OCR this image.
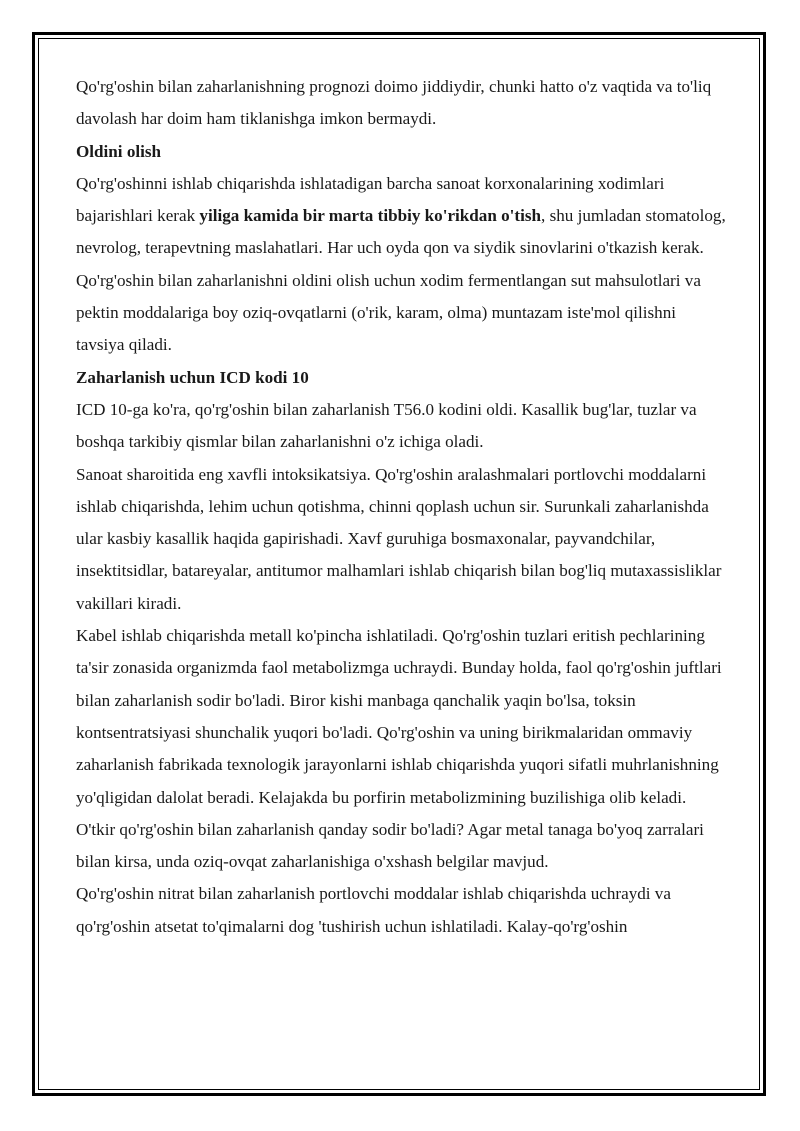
Qo'rg'oshin bilan zaharlanishning prognozi doimo jiddiydir, chunki hatto o'z vaqtida va to'liq davolash har doim ham tiklanishga imkon bermaydi.

Oldini olish

Qo'rg'oshinni ishlab chiqarishda ishlatadigan barcha sanoat korxonalarining xodimlari bajarishlari kerak yiliga kamida bir marta tibbiy ko'rikdan o'tish, shu jumladan stomatolog, nevrolog, terapevtning maslahatlari. Har uch oyda qon va siydik sinovlarini o'tkazish kerak.

Qo'rg'oshin bilan zaharlanishni oldini olish uchun xodim fermentlangan sut mahsulotlari va pektin moddalariga boy oziq-ovqatlarni (o'rik, karam, olma) muntazam iste'mol qilishni tavsiya qiladi.

Zaharlanish uchun ICD kodi 10

ICD 10-ga ko'ra, qo'rg'oshin bilan zaharlanish T56.0 kodini oldi. Kasallik bug'lar, tuzlar va boshqa tarkibiy qismlar bilan zaharlanishni o'z ichiga oladi.

Sanoat sharoitida eng xavfli intoksikatsiya. Qo'rg'oshin aralashmalari portlovchi moddalarni ishlab chiqarishda, lehim uchun qotishma, chinni qoplash uchun sir. Surunkali zaharlanishda ular kasbiy kasallik haqida gapirishadi. Xavf guruhiga bosmaxonalar, payvandchilar, insektitsidlar, batareyalar, antitumor malhamlari ishlab chiqarish bilan bog'liq mutaxassisliklar vakillari kiradi.

Kabel ishlab chiqarishda metall ko'pincha ishlatiladi. Qo'rg'oshin tuzlari eritish pechlarining ta'sir zonasida organizmda faol metabolizmga uchraydi. Bunday holda, faol qo'rg'oshin juftlari bilan zaharlanish sodir bo'ladi. Biror kishi manbaga qanchalik yaqin bo'lsa, toksin kontsentratsiyasi shunchalik yuqori bo'ladi. Qo'rg'oshin va uning birikmalaridan ommaviy zaharlanish fabrikada texnologik jarayonlarni ishlab chiqarishda yuqori sifatli muhrlanishning yo'qligidan dalolat beradi. Kelajakda bu porfirin metabolizmining buzilishiga olib keladi.

O'tkir qo'rg'oshin bilan zaharlanish qanday sodir bo'ladi? Agar metal tanaga bo'yoq zarralari bilan kirsa, unda oziq-ovqat zaharlanishiga o'xshash belgilar mavjud.

Qo'rg'oshin nitrat bilan zaharlanish portlovchi moddalar ishlab chiqarishda uchraydi va qo'rg'oshin atsetat to'qimalarni dog 'tushirish uchun ishlatiladi. Kalay-qo'rg'oshin
